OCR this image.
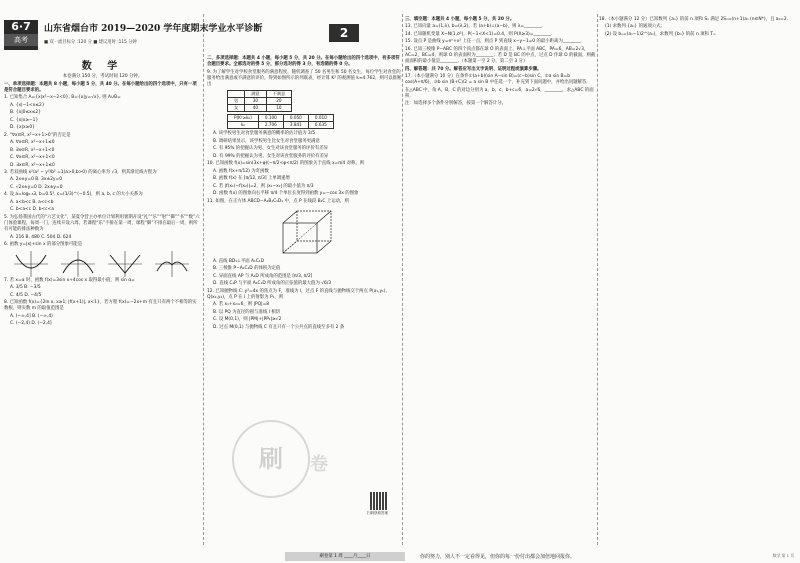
6·7
高考
山东省烟台市 2019—2020 学年度期末学业水平诊断
■ 双一流目标分 :120 分 ■ 建议用时 :115 分钟
2
数 学
本卷满分 150 分，考试时间 120 分钟。
一、单项选择题：本题共 8 小题，每小题 5 分，共 40 分。在每小题给出的四个选项中，只有一项是符合题目要求的。
1. 已知集合 A={x|x²−x−2<0}, B={x|y=√x}, 则 A∪B=
A. {x|−1<x≤2}
B. {x|0≤x≤2}
C. {x|x≥−1}
D. {x|x≥0}
2. “∀x∈R, x²−x+1>0”的否定是
A. ∀x∈R, x²−x+1≤0
B. ∃x∈R, x²−x+1<0
C. ∀x∈R, x²−x+1<0
D. ∃x∈R, x²−x+1≤0
3. 若双曲线 x²/a² − y²/b² =1(a>0,b>0) 的离心率为 √3，则其渐近线方程为
A. 2x±y=0 B. 3x±2y=0
C. √2x±y=0 D. 2x±y=0
4. 设 a=log₀.₅3, b=0.5³, c=(1/3)^(−0.5)，则 a, b, c 的大小关系为
A. a<b<c B. a<c<b
C. b<a<c D. b<c<a
5. 为弘扬我国古代的“六艺文化”，某夏令营主办单位计划利用暑期开设“礼”“乐”“射”“御”“书”“数”六门体验课程，每周一门，连续开设六周。若课程“乐”不排在第一周，课程“御”不排在最后一周，则所有可能的排法种数为
A. 216 B. 480 C. 504 D. 624
6. 函数 y=|x|+sin x 的部分图象可能是
7. 若 x=α 时，函数 f(x)=3sin x+4cos x 取得最小值，则 sin α=
A. 3/5 B. −3/5
C. 4/5 D. −4/5
8. 已知函数 f(x)={2ln x, x≥1; |f(x+1)|, x<1}，若方程 f(x)=−2x+m 有且只有两个不相等的实数根，则实数 m 的取值范围是
A. (−∞,4] B. (−∞,4)
C. (−2,4) D. (−2,4]
二、多项选择题：本题共 4 小题，每小题 5 分，共 20 分。在每小题给出的四个选项中，有多项符合题目要求。全部选对的得 5 分，部分选对的得 3 分，有选错的得 0 分。
9. 为了解学生对学校食堂服务的满意程度，随机调查了 50 名男生和 50 名女生，每位学生对食堂的服务给出满意或不满意的评价，得到如图所示的列联表，经计算 K² 的观测值 k≈4.762，则可以推断出
	满意	不满意
男	30	20
女	40	10
P(K²≥k₀)	0.100	0.050	0.010
k₀	2.706	3.841	6.635
A. 该学校男生对食堂服务满意的概率的估计值为 3/5
B. 调研结果显示，该学校男生比女生对食堂服务更满意
C. 有 95% 的把握认为男、女生对该食堂服务的评价有差异
D. 有 99% 的把握认为男、女生对该食堂服务的评价有差异
10. 已知函数 f(x)=sin(3x+φ)(−π/2<φ<π/2) 的图象关于直线 x=π/4 对称，则
A. 函数 f(x+π/12) 为奇函数
B. 函数 f(x) 在 [π/12, π/3] 上单调递增
C. 若 |f(x₁)−f(x₂)|=2，则 |x₁−x₂| 的最小值为 π/3
D. 函数 f(x) 的图象向右平移 π/4 个单位长度得到函数 y=−cos 3x 的图象
11. 如图，在正方体 ABCD−A₁B₁C₁D₁ 中，点 P 在线段 B₁C 上运动，则
A. 直线 BD₁⊥平面 A₁C₁D
B. 三棱锥 P−A₁C₁D 的体积为定值
C. 异面直线 AP 与 A₁D 所成角的范围是 [π/3, π/2]
D. 直线 C₁P 与平面 A₁C₁D 所成角的正弦值的最大值为 √6/3
12. 已知抛物线 C: y²=4x 的焦点为 F，准线为 l，过点 F 的直线与抛物线交于两点 P(x₁,y₁), Q(x₂,y₂)，点 P 在 l 上的射影为 P₁，则
A. 若 x₁+x₂=6，则 |PQ|=8
B. 以 PQ 为直径的圆与准线 l 相切
C. 设 M(0,1)，则 |PM|+|PP₁|≥√2
D. 过点 M(0,1) 与抛物线 C 有且只有一个公共点的直线至多有 2 条
三、填空题：本题共 4 小题，每小题 5 分，共 20 分。
13. 已知向量 a=(1,λ), b=(λ,2)，若 (a+b)⊥(a−b)，则 λ=________.
14. 已知随机变量 X~N(1,σ²)，P(−1<X<1)=0.4，则 P(X≥3)=________.
15. 设点 P 是曲线 y=eˣ+x² 上任一点，则点 P 到直线 x−y−1=0 的最小距离为________.
16. 已知三棱锥 P−ABC 的四个顶点都在球 O 的表面上，PA⊥平面 ABC，PA=6，AB=2√3，AC=2，BC=4，则球 O 的表面积为________；若 D 是 BC 的中点，过点 D 作球 O 的截面，则截面面积的最小值是________.（本题第一空 2 分，第二空 3 分）
四、解答题：共 70 分。解答应写出文字说明、证明过程或演算步骤。
17.（本小题满分 10 分）在条件①(a+b)(sin A−sin B)=(c−b)sin C，②a sin B=b cos(A+π/6)，③b sin (B+C)/2 = a sin B 中任选一个，补充到下面问题中，并给出问题解答.
在△ABC 中，角 A，B，C 的对边分别为 a，b，c，b+c=6，a=2√6，________，求△ABC 的面积.
注：如选择多个条件分别解答，按第一个解答计分。
18.（本小题满分 12 分）已知数列 {aₙ} 的前 n 项和 Sₙ 满足 2Sₙ=(n+1)aₙ (n∈N*)，且 a₁=2.
(1) 求数列 {aₙ} 的通项公式；
(2) 设 bₙ=(aₙ−1)2^(aₙ)，求数列 {bₙ} 的前 n 项和 Tₙ.
扫码获取答案
刷	卷
刷卷第 1 周 ____月____日	你的努力，别人不一定看得见，但你的每一份付出都会加倍地回报你。	数学 第 1 页
